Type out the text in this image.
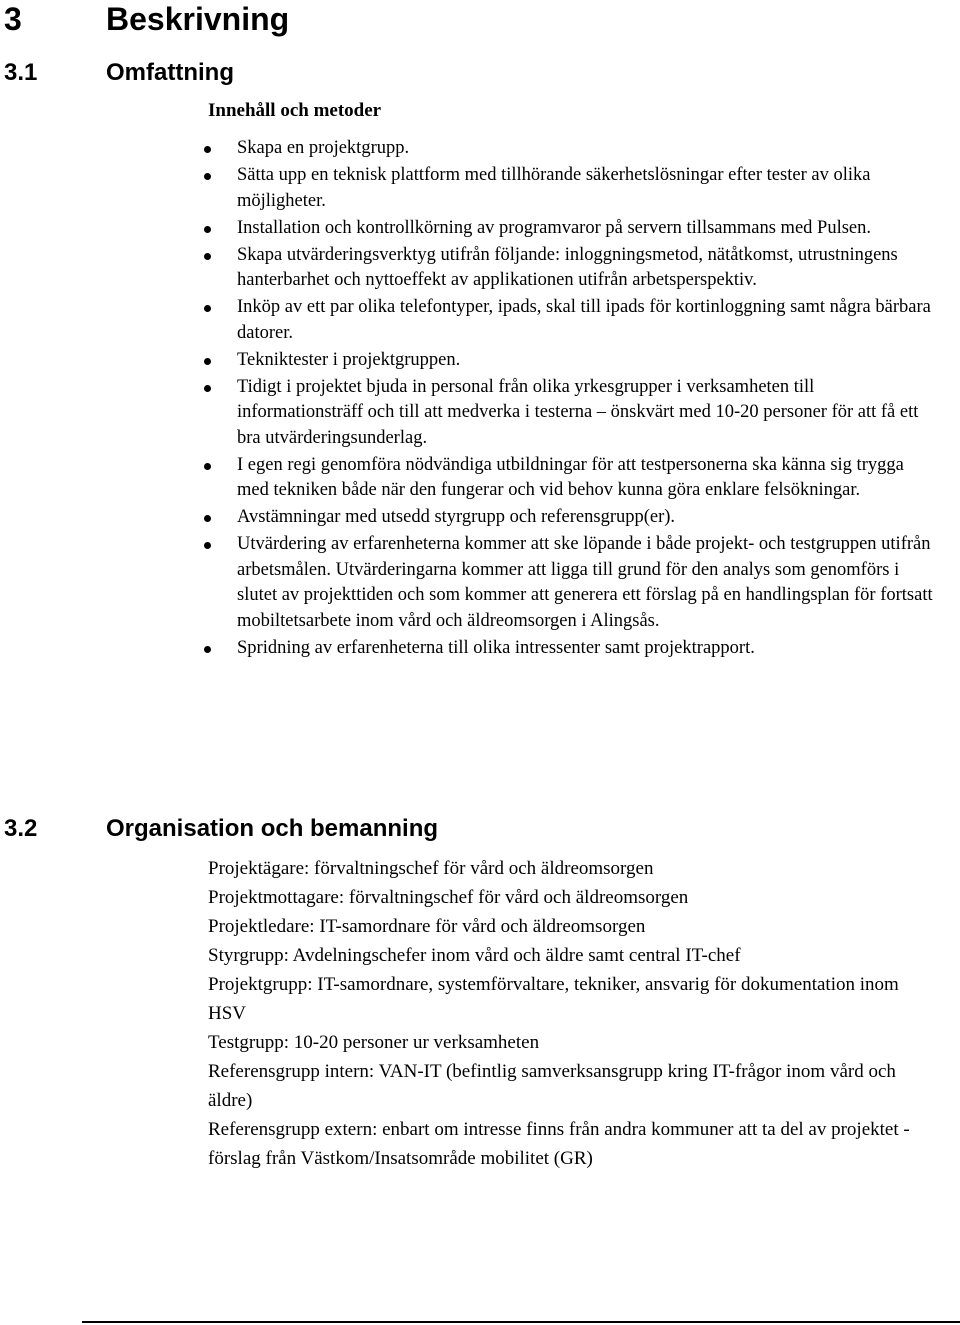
3	Beskrivning
3.1	Omfattning
Innehåll och metoder
Skapa en projektgrupp.
Sätta upp en teknisk plattform med tillhörande säkerhetslösningar efter tester av olika möjligheter.
Installation och kontrollkörning av programvaror på servern tillsammans med Pulsen.
Skapa utvärderingsverktyg utifrån följande: inloggningsmetod, nätåtkomst, utrustningens hanterbarhet och nyttoeffekt av applikationen utifrån arbetsperspektiv.
Inköp av ett par olika telefontyper, ipads, skal till ipads för kortinloggning samt några bärbara datorer.
Tekniktester i projektgruppen.
Tidigt i projektet bjuda in personal från olika yrkesgrupper i verksamheten till informationsträff och till att medverka i testerna – önskvärt med 10-20 personer för att få ett bra utvärderingsunderlag.
I egen regi genomföra nödvändiga utbildningar för att testpersonerna ska känna sig trygga med tekniken både när den fungerar och vid behov kunna göra enklare felsökningar.
Avstämningar med utsedd styrgrupp och referensgrupp(er).
Utvärdering av erfarenheterna kommer att ske löpande i både projekt- och testgruppen utifrån arbetsmålen. Utvärderingarna kommer att ligga till grund för den analys som genomförs i slutet av projekttiden och som kommer att generera ett förslag på en handlingsplan för fortsatt mobiltetsarbete inom vård och äldreomsorgen i Alingsås.
Spridning av erfarenheterna till olika intressenter samt projektrapport.
3.2	Organisation och bemanning
Projektägare: förvaltningschef för vård och äldreomsorgen
Projektmottagare: förvaltningschef för vård och äldreomsorgen
Projektledare: IT-samordnare för vård och äldreomsorgen
Styrgrupp: Avdelningschefer inom vård och äldre samt central IT-chef
Projektgrupp: IT-samordnare, systemförvaltare, tekniker, ansvarig för dokumentation inom HSV
Testgrupp: 10-20 personer ur verksamheten
Referensgrupp intern: VAN-IT (befintlig samverksansgrupp kring IT-frågor inom vård och äldre)
Referensgrupp extern: enbart om intresse finns från andra kommuner att ta del av projektet - förslag från Västkom/Insatsområde mobilitet (GR)
